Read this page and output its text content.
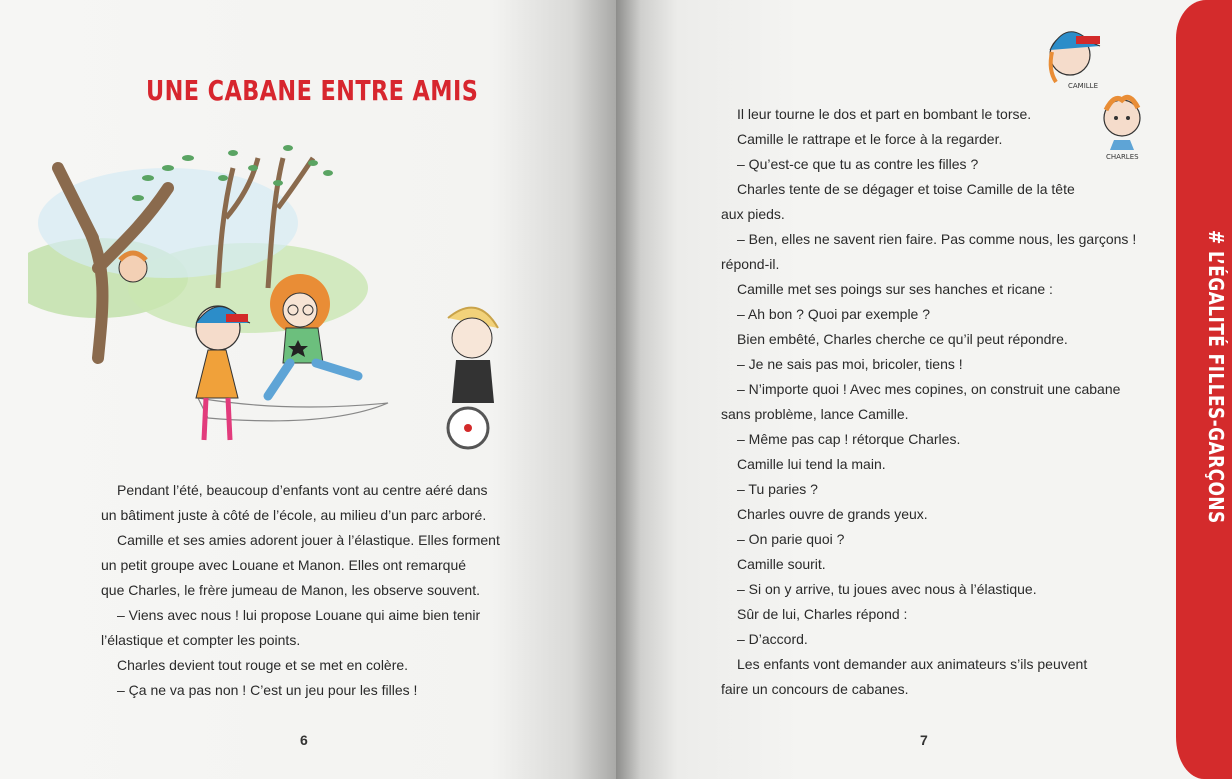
UNE CABANE ENTRE AMIS

Pendant l’été, beaucoup d’enfants vont au centre aéré dans

un bâtiment juste à côté de l’école, au milieu d’un parc arboré.

Camille et ses amies adorent jouer à l’élastique. Elles forment

un petit groupe avec Louane et Manon. Elles ont remarqué

que Charles, le frère jumeau de Manon, les observe souvent.

– Viens avec nous ! lui propose Louane qui aime bien tenir

l’élastique et compter les points.

Charles devient tout rouge et se met en colère.

– Ça ne va pas non ! C’est un jeu pour les filles !

6
CAMILLE
CHARLES

Il leur tourne le dos et part en bombant le torse.

Camille le rattrape et le force à la regarder.

– Qu’est-ce que tu as contre les filles ?

Charles tente de se dégager et toise Camille de la tête

aux pieds.

– Ben, elles ne savent rien faire. Pas comme nous, les garçons !

répond-il.

Camille met ses poings sur ses hanches et ricane :

– Ah bon ? Quoi par exemple ?

Bien embêté, Charles cherche ce qu’il peut répondre.

– Je ne sais pas moi, bricoler, tiens !

– N’importe quoi ! Avec mes copines, on construit une cabane

sans problème, lance Camille.

– Même pas cap ! rétorque Charles.

Camille lui tend la main.

– Tu paries ?

Charles ouvre de grands yeux.

– On parie quoi ?

Camille sourit.

– Si on y arrive, tu joues avec nous à l’élastique.

Sûr de lui, Charles répond :

– D’accord.

Les enfants vont demander aux animateurs s’ils peuvent

faire un concours de cabanes.

7
# L’ÉGALITÉ FILLES-GARÇONS
